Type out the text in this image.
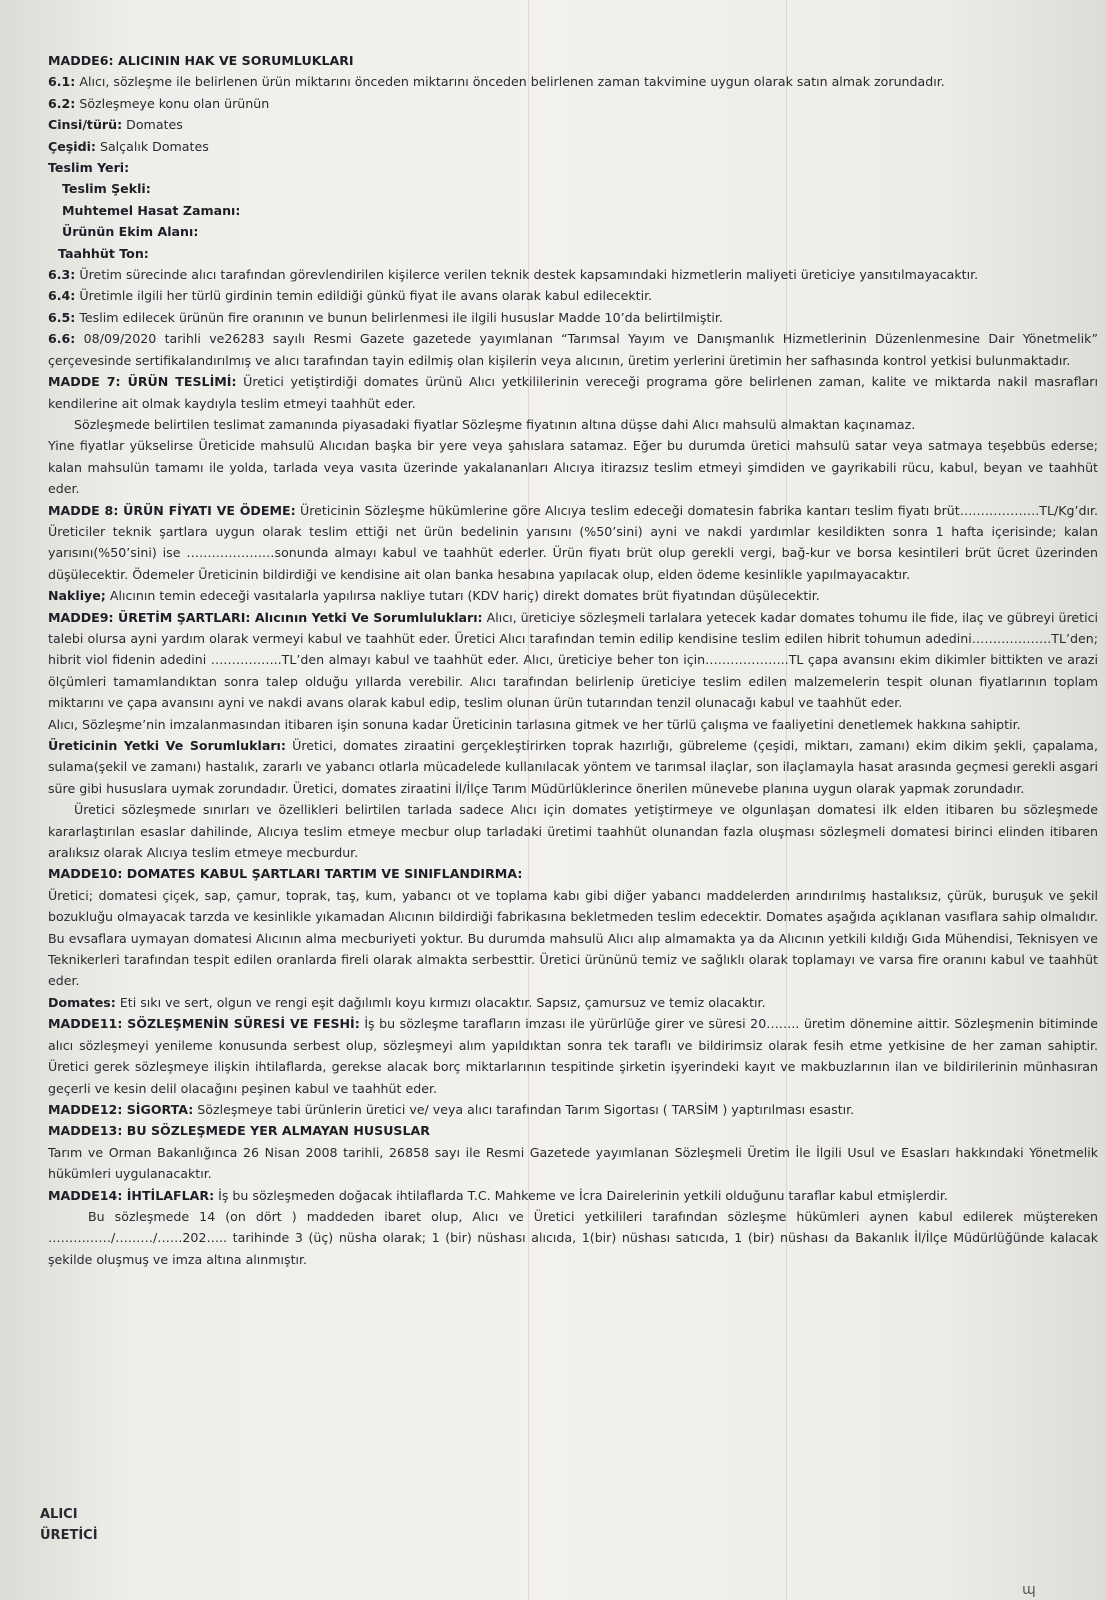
MADDE6: ALICININ HAK VE SORUMLUKLARI

6.1: Alıcı, sözleşme ile belirlenen ürün miktarını önceden miktarını önceden belirlenen zaman takvimine uygun olarak satın almak zorundadır.

6.2: Sözleşmeye konu olan ürünün

Cinsi/türü: Domates

Çeşidi: Salçalık Domates

Teslim Yeri:

Teslim Şekli:

Muhtemel Hasat Zamanı:

Ürünün Ekim Alanı:

Taahhüt Ton:

6.3: Üretim sürecinde alıcı tarafından görevlendirilen kişilerce verilen teknik destek kapsamındaki hizmetlerin maliyeti üreticiye yansıtılmayacaktır.

6.4: Üretimle ilgili her türlü girdinin temin edildiği günkü fiyat ile avans olarak kabul edilecektir.

6.5: Teslim edilecek ürünün fire oranının ve bunun belirlenmesi ile ilgili hususlar Madde 10’da belirtilmiştir.

6.6: 08/09/2020 tarihli ve26283 sayılı Resmi Gazete gazetede yayımlanan “Tarımsal Yayım ve Danışmanlık Hizmetlerinin Düzenlenmesine Dair Yönetmelik” çerçevesinde sertifikalandırılmış ve alıcı tarafından tayin edilmiş olan kişilerin veya alıcının, üretim yerlerini üretimin her safhasında kontrol yetkisi bulunmaktadır.

MADDE 7: ÜRÜN TESLİMİ: Üretici yetiştirdiği domates ürünü Alıcı yetkililerinin vereceği programa göre belirlenen zaman, kalite ve miktarda nakil masrafları kendilerine ait olmak kaydıyla teslim etmeyi taahhüt eder.

Sözleşmede belirtilen teslimat zamanında piyasadaki fiyatlar Sözleşme fiyatının altına düşse dahi Alıcı mahsulü almaktan kaçınamaz.

Yine fiyatlar yükselirse Üreticide mahsulü Alıcıdan başka bir yere veya şahıslara satamaz. Eğer bu durumda üretici mahsulü satar veya satmaya teşebbüs ederse; kalan mahsulün tamamı ile yolda, tarlada veya vasıta üzerinde yakalananları Alıcıya itirazsız teslim etmeyi şimdiden ve gayrikabili rücu, kabul, beyan ve taahhüt eder.

MADDE 8: ÜRÜN FİYATI VE ÖDEME: Üreticinin Sözleşme hükümlerine göre Alıcıya teslim edeceği domatesin fabrika kantarı teslim fiyatı brüt……………….TL/Kg’dır. Üreticiler teknik şartlara uygun olarak teslim ettiği net ürün bedelinin yarısını (%50’sini) ayni ve nakdi yardımlar kesildikten sonra 1 hafta içerisinde; kalan yarısını(%50’sini) ise …………………sonunda almayı kabul ve taahhüt ederler. Ürün fiyatı brüt olup gerekli vergi, bağ-kur ve borsa kesintileri brüt ücret üzerinden düşülecektir. Ödemeler Üreticinin bildirdiği ve kendisine ait olan banka hesabına yapılacak olup, elden ödeme kesinlikle yapılmayacaktır.

Nakliye; Alıcının temin edeceği vasıtalarla yapılırsa nakliye tutarı (KDV hariç) direkt domates brüt fiyatından düşülecektir.

MADDE9: ÜRETİM ŞARTLARI: Alıcının Yetki Ve Sorumlulukları: Alıcı, üreticiye sözleşmeli tarlalara yetecek kadar domates tohumu ile fide, ilaç ve gübreyi üretici talebi olursa ayni yardım olarak vermeyi kabul ve taahhüt eder. Üretici Alıcı tarafından temin edilip kendisine teslim edilen hibrit tohumun adedini……………….TL’den; hibrit viol fidenin adedini ……………..TL’den almayı kabul ve taahhüt eder. Alıcı, üreticiye beher ton için………………..TL çapa avansını ekim dikimler bittikten ve arazi ölçümleri tamamlandıktan sonra talep olduğu yıllarda verebilir. Alıcı tarafından belirlenip üreticiye teslim edilen malzemelerin tespit olunan fiyatlarının toplam miktarını ve çapa avansını ayni ve nakdi avans olarak kabul edip, teslim olunan ürün tutarından tenzil olunacağı kabul ve taahhüt eder.

Alıcı, Sözleşme’nin imzalanmasından itibaren işin sonuna kadar Üreticinin tarlasına gitmek ve her türlü çalışma ve faaliyetini denetlemek hakkına sahiptir.

Üreticinin Yetki Ve Sorumlukları: Üretici, domates ziraatini gerçekleştirirken toprak hazırlığı, gübreleme (çeşidi, miktarı, zamanı) ekim dikim şekli, çapalama, sulama(şekil ve zamanı) hastalık, zararlı ve yabancı otlarla mücadelede kullanılacak yöntem ve tarımsal ilaçlar, son ilaçlamayla hasat arasında geçmesi gerekli asgari süre gibi hususlara uymak zorundadır. Üretici, domates ziraatini İl/İlçe Tarım Müdürlüklerince önerilen münevebe planına uygun olarak yapmak zorundadır.

Üretici sözleşmede sınırları ve özellikleri belirtilen tarlada sadece Alıcı için domates yetiştirmeye ve olgunlaşan domatesi ilk elden itibaren bu sözleşmede kararlaştırılan esaslar dahilinde, Alıcıya teslim etmeye mecbur olup tarladaki üretimi taahhüt olunandan fazla oluşması sözleşmeli domatesi birinci elinden itibaren aralıksız olarak Alıcıya teslim etmeye mecburdur.

MADDE10: DOMATES KABUL ŞARTLARI TARTIM VE SINIFLANDIRMA:

Üretici; domatesi çiçek, sap, çamur, toprak, taş, kum, yabancı ot ve toplama kabı gibi diğer yabancı maddelerden arındırılmış hastalıksız, çürük, buruşuk ve şekil bozukluğu olmayacak tarzda ve kesinlikle yıkamadan Alıcının bildirdiği fabrikasına bekletmeden teslim edecektir. Domates aşağıda açıklanan vasıflara sahip olmalıdır. Bu evsaflara uymayan domatesi Alıcının alma mecburiyeti yoktur. Bu durumda mahsulü Alıcı alıp almamakta ya da Alıcının yetkili kıldığı Gıda Mühendisi, Teknisyen ve Teknikerleri tarafından tespit edilen oranlarda fireli olarak almakta serbesttir. Üretici ürününü temiz ve sağlıklı olarak toplamayı ve varsa fire oranını kabul ve taahhüt eder.

Domates: Eti sıkı ve sert, olgun ve rengi eşit dağılımlı koyu kırmızı olacaktır. Sapsız, çamursuz ve temiz olacaktır.

MADDE11: SÖZLEŞMENİN SÜRESİ VE FESHİ: İş bu sözleşme tarafların imzası ile yürürlüğe girer ve süresi 20…….. üretim dönemine aittir. Sözleşmenin bitiminde alıcı sözleşmeyi yenileme konusunda serbest olup, sözleşmeyi alım yapıldıktan sonra tek taraflı ve bildirimsiz olarak fesih etme yetkisine de her zaman sahiptir. Üretici gerek sözleşmeye ilişkin ihtilaflarda, gerekse alacak borç miktarlarının tespitinde şirketin işyerindeki kayıt ve makbuzlarının ilan ve bildirilerinin münhasıran geçerli ve kesin delil olacağını peşinen kabul ve taahhüt eder.

MADDE12: SİGORTA: Sözleşmeye tabi ürünlerin üretici ve/ veya alıcı tarafından Tarım Sigortası ( TARSİM ) yaptırılması esastır.

MADDE13: BU SÖZLEŞMEDE YER ALMAYAN HUSUSLAR

Tarım ve Orman Bakanlığınca 26 Nisan 2008 tarihli, 26858 sayı ile Resmi Gazetede yayımlanan Sözleşmeli Üretim İle İlgili Usul ve Esasları hakkındaki Yönetmelik hükümleri uygulanacaktır.

MADDE14: İHTİLAFLAR: İş bu sözleşmeden doğacak ihtilaflarda T.C. Mahkeme ve İcra Dairelerinin yetkili olduğunu taraflar kabul etmişlerdir.

Bu sözleşmede 14 (on dört ) maddeden ibaret olup, Alıcı ve Üretici yetkilileri tarafından sözleşme hükümleri aynen kabul edilerek müştereken ……………/………/……202….. tarihinde 3 (üç) nüsha olarak; 1 (bir) nüshası alıcıda, 1(bir) nüshası satıcıda, 1 (bir) nüshası da Bakanlık İl/İlçe Müdürlüğünde kalacak şekilde oluşmuş ve imza altına alınmıştır.

ALICI
ÜRETİCİ
ɰ
